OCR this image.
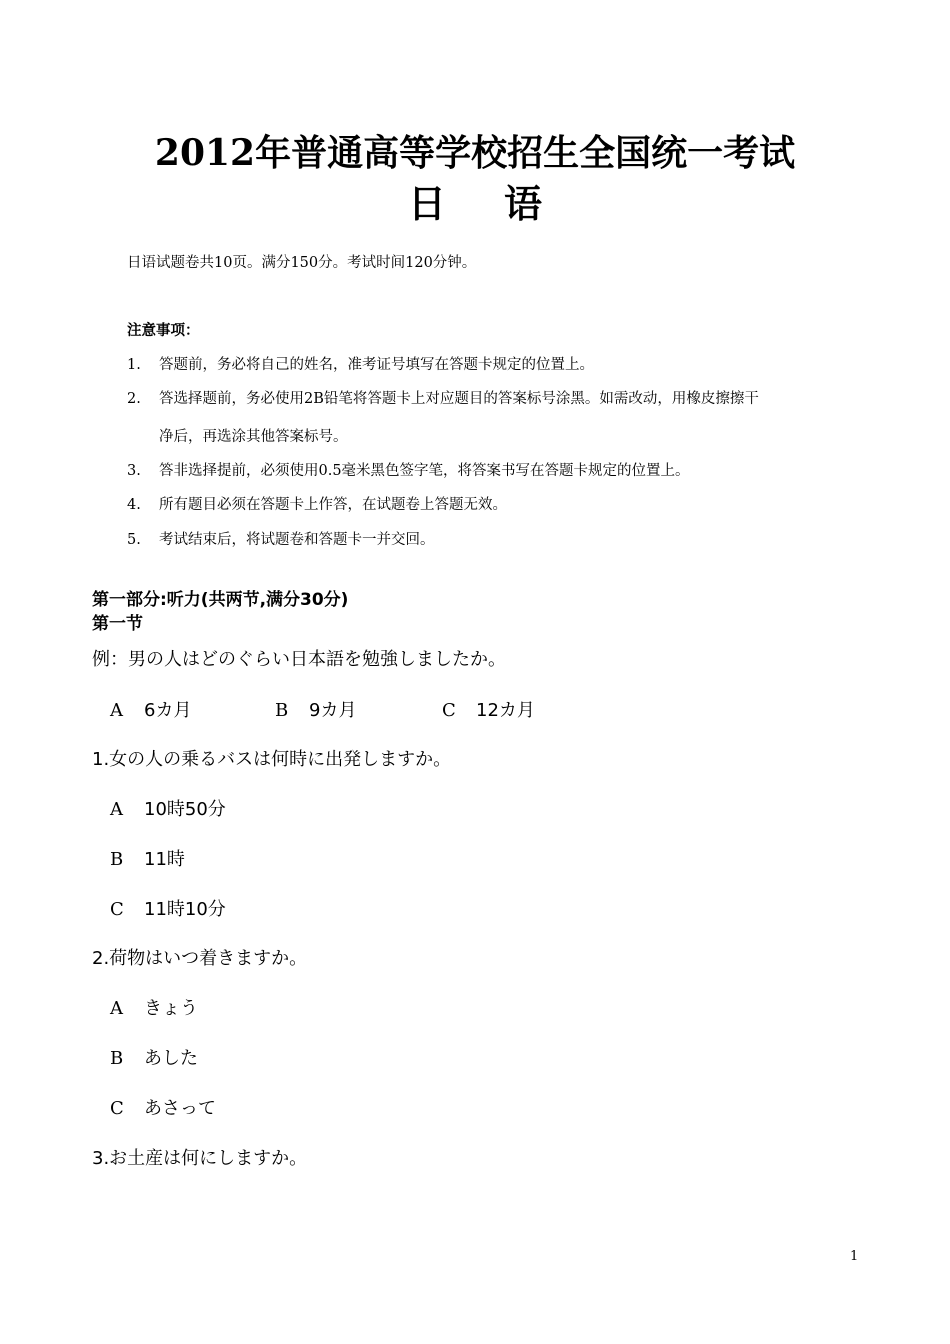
2012年普通高等学校招生全国统一考试
日语
日语试题卷共10页。满分150分。考试时间120分钟。
注意事项：
1. 答题前，务必将自己的姓名，准考证号填写在答题卡规定的位置上。
2. 答选择题前，务必使用2B铅笔将答题卡上对应题目的答案标号涂黑。如需改动，用橡皮擦擦干
净后，再选涂其他答案标号。
3. 答非选择提前，必须使用0.5毫米黑色签字笔，将答案书写在答题卡规定的位置上。
4. 所有题目必须在答题卡上作答，在试题卷上答题无效。
5. 考试结束后，将试题卷和答题卡一并交回。
第一部分:听力(共两节,满分30分)
第一节
例：男の人はどのぐらい日本語を勉強しましたか。
A 6カ月	B 9カ月	C 12カ月
1.女の人の乗るバスは何時に出発しますか。
A 10時50分
B 11時
C 11時10分
2.荷物はいつ着きますか。
A きょう
B あした
C あさって
3.お土産は何にしますか。
1
